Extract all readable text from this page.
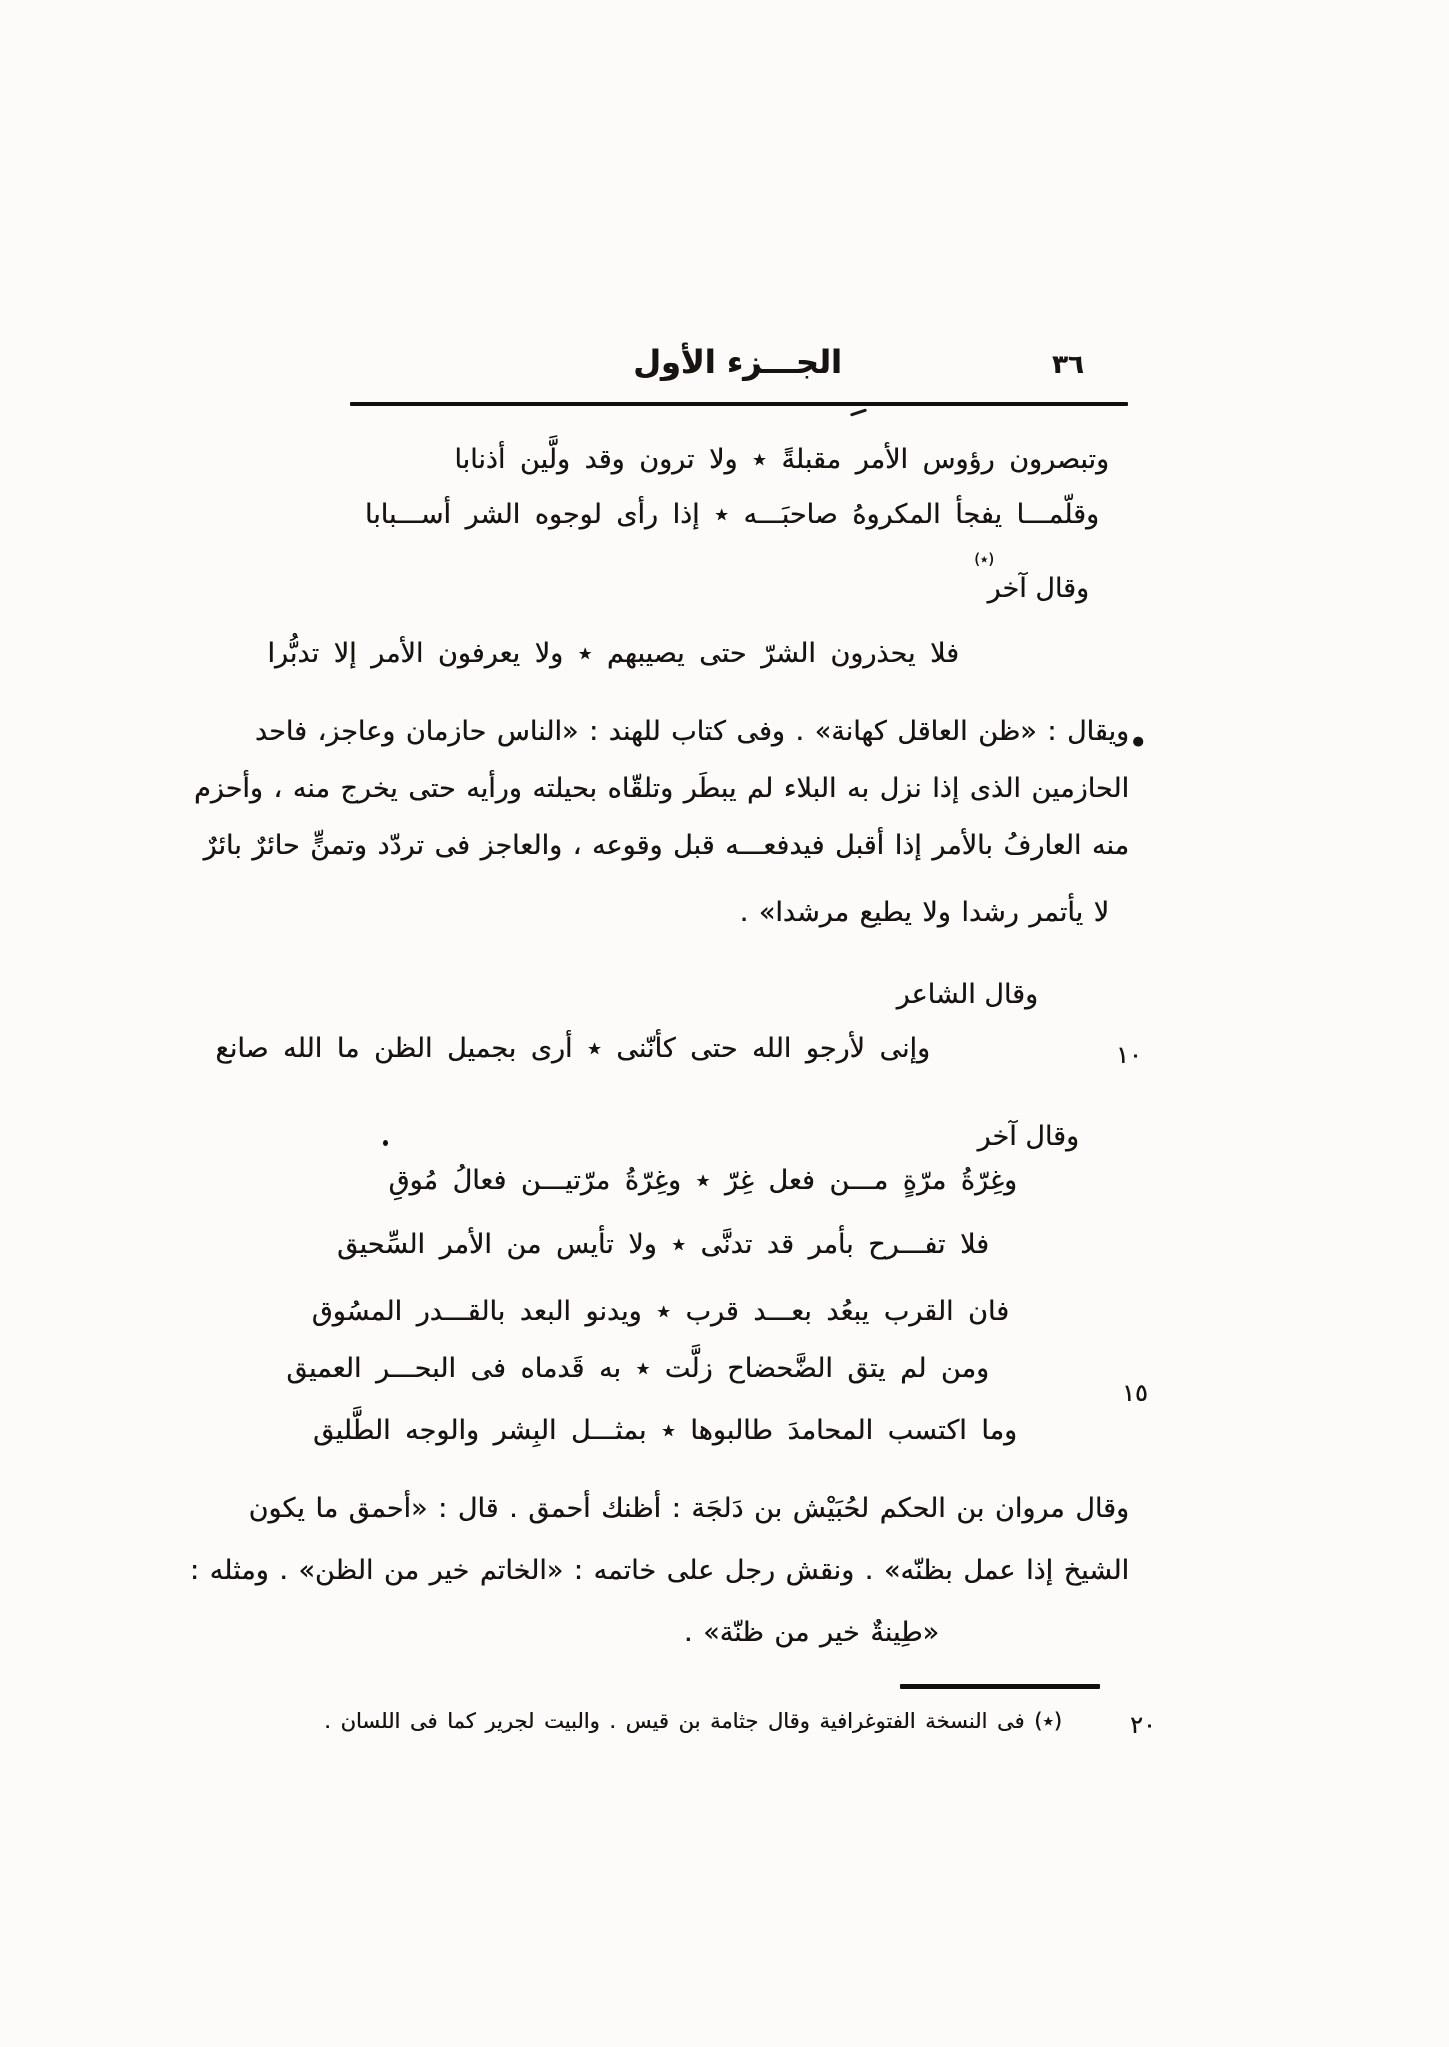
الجـــزء الأول	٣٦
وتبصرون رؤوس الأمر مقبلةً ٭ ولا ترون وقد ولَّين أذنابا
وقلّمـــا يفجأ المكروهُ صاحبَـــه ٭ إذا رأى لوجوه الشر أســـبابا
(٭)
وقال آخر
فلا يحذرون الشرّ حتى يصيبهم ٭ ولا يعرفون الأمر إلا تدبُّرا
ويقال : «ظن العاقل كهانة» . وفى كتاب للهند : «الناس حازمان وعاجز، فاحد
الحازمين الذى إذا نزل به البلاء لم يبطَر وتلقّاه بحيلته ورأيه حتى يخرج منه ، وأحزم
منه العارفُ بالأمر إذا أقبل فيدفعـــه قبل وقوعه ، والعاجز فى تردّد وتمنٍّ حائرٌ بائرٌ
لا يأتمر رشدا ولا يطيع مرشدا» .
•
وقال الشاعر
وإنى لأرجو الله حتى كأنّنى ٭ أرى بجميل الظن ما الله صانع	١٠
وقال آخر
وغِرّةُ مرّةٍ مـــن فعل غِرّ ٭ وغِرّةُ مرّتيـــن فعالُ مُوقِ
فلا تفـــرح بأمر قد تدنَّى ٭ ولا تأيس من الأمر السِّحيق
فان القرب يبعُد بعـــد قرب ٭ ويدنو البعد بالقـــدر المسُوق
ومن لم يتق الضَّحضاح زلَّت ٭ به قَدماه فى البحـــر العميق
١٥
وما اكتسب المحامدَ طالبوها ٭ بمثـــل البِشر والوجه الطَّليق
وقال مروان بن الحكم لحُبَيْش بن دَلجَة : أظنك أحمق . قال : «أحمق ما يكون
الشيخ إذا عمل بظنّه» . ونقش رجل على خاتمه : «الخاتم خير من الظن» . ومثله :
«طِينةٌ خير من ظنّة» .
(٭) فى النسخة الفتوغرافية وقال جثامة بن قيس . والبيت لجرير كما فى اللسان .	٢٠
